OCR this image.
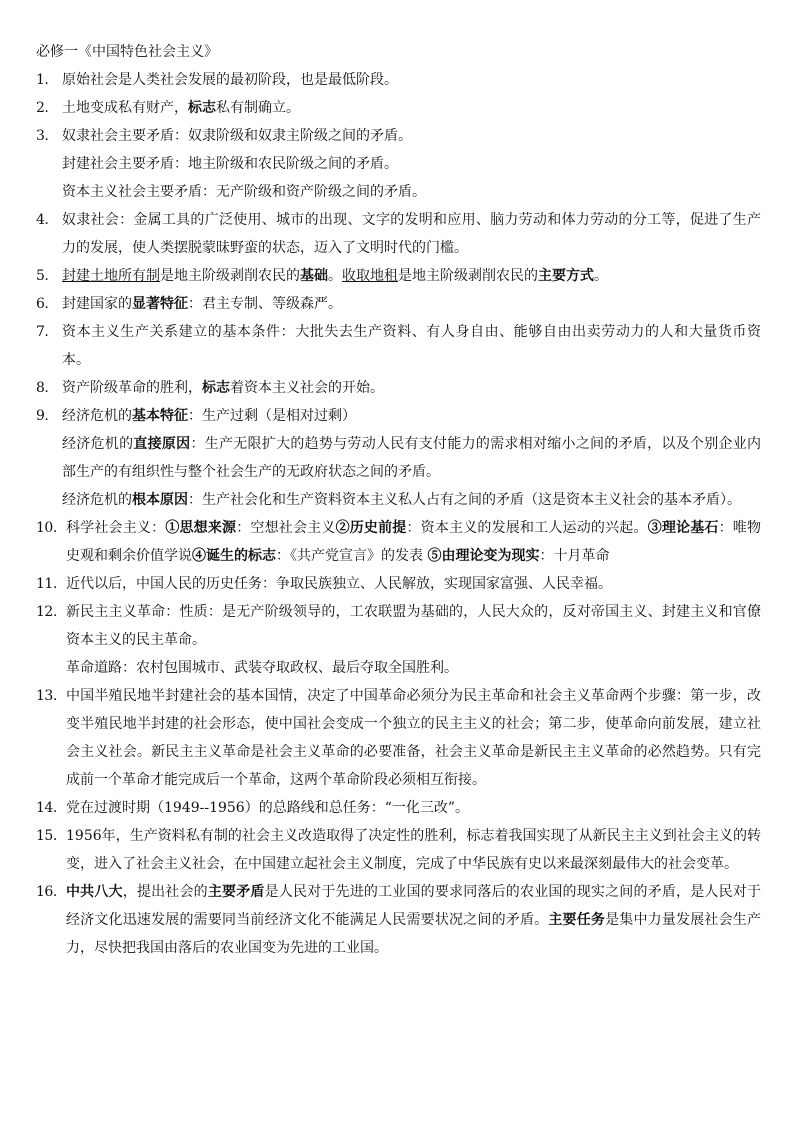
必修一《中国特色社会主义》
1. 原始社会是人类社会发展的最初阶段，也是最低阶段。
2. 土地变成私有财产，标志私有制确立。
3. 奴隶社会主要矛盾：奴隶阶级和奴隶主阶级之间的矛盾。
封建社会主要矛盾：地主阶级和农民阶级之间的矛盾。
资本主义社会主要矛盾：无产阶级和资产阶级之间的矛盾。
4. 奴隶社会：金属工具的广泛使用、城市的出现、文字的发明和应用、脑力劳动和体力劳动的分工等，促进了生产力的发展，使人类摆脱蒙昧野蛮的状态，迈入了文明时代的门槛。
5. 封建土地所有制是地主阶级剥削农民的基础。收取地租是地主阶级剥削农民的主要方式。
6. 封建国家的显著特征：君主专制、等级森严。
7. 资本主义生产关系建立的基本条件：大批失去生产资料、有人身自由、能够自由出卖劳动力的人和大量货币资本。
8. 资产阶级革命的胜利，标志着资本主义社会的开始。
9. 经济危机的基本特征：生产过剩（是相对过剩）
经济危机的直接原因：生产无限扩大的趋势与劳动人民有支付能力的需求相对缩小之间的矛盾，以及个别企业内部生产的有组织性与整个社会生产的无政府状态之间的矛盾。
经济危机的根本原因：生产社会化和生产资料资本主义私人占有之间的矛盾（这是资本主义社会的基本矛盾）。
10. 科学社会主义：①思想来源：空想社会主义②历史前提：资本主义的发展和工人运动的兴起。③理论基石：唯物史观和剩余价值学说④诞生的标志：《共产党宣言》的发表 ⑤由理论变为现实：十月革命
11. 近代以后，中国人民的历史任务：争取民族独立、人民解放，实现国家富强、人民幸福。
12. 新民主主义革命：性质：是无产阶级领导的，工农联盟为基础的，人民大众的，反对帝国主义、封建主义和官僚资本主义的民主革命。
革命道路：农村包围城市、武装夺取政权、最后夺取全国胜利。
13. 中国半殖民地半封建社会的基本国情，决定了中国革命必须分为民主革命和社会主义革命两个步骤：第一步，改变半殖民地半封建的社会形态，使中国社会变成一个独立的民主主义的社会；第二步，使革命向前发展，建立社会主义社会。新民主主义革命是社会主义革命的必要准备，社会主义革命是新民主主义革命的必然趋势。只有完成前一个革命才能完成后一个革命，这两个革命阶段必须相互衔接。
14. 党在过渡时期（1949--1956）的总路线和总任务：“一化三改”。
15. 1956年，生产资料私有制的社会主义改造取得了决定性的胜利，标志着我国实现了从新民主主义到社会主义的转变，进入了社会主义社会，在中国建立起社会主义制度，完成了中华民族有史以来最深刻最伟大的社会变革。
16. 中共八大，提出社会的主要矛盾是人民对于先进的工业国的要求同落后的农业国的现实之间的矛盾，是人民对于经济文化迅速发展的需要同当前经济文化不能满足人民需要状况之间的矛盾。主要任务是集中力量发展社会生产力，尽快把我国由落后的农业国变为先进的工业国。
